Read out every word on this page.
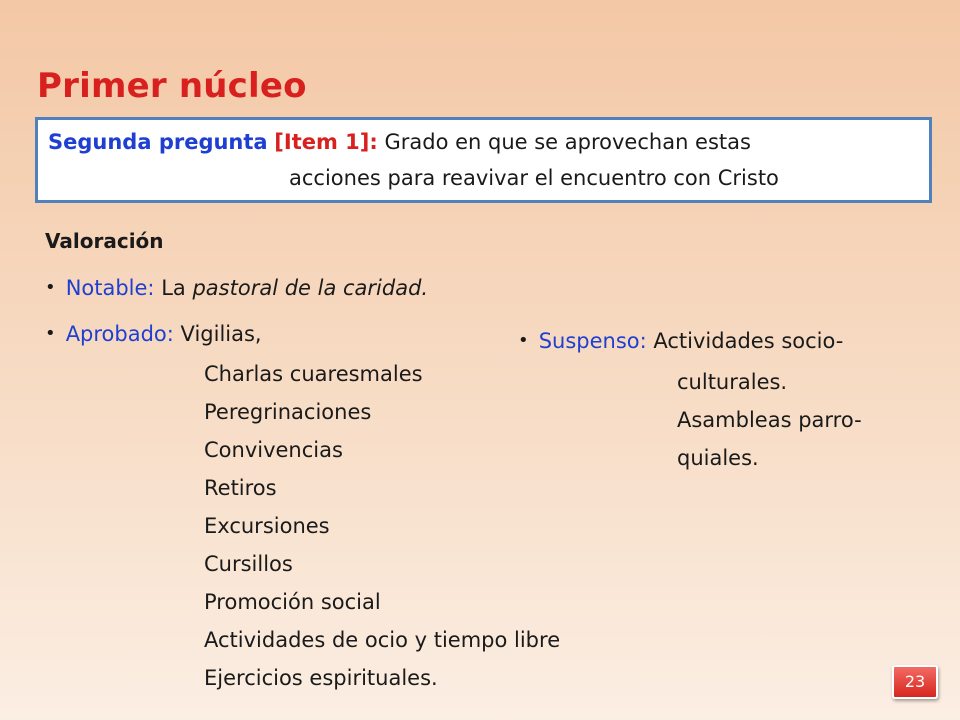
Primer núcleo
Segunda pregunta [Item 1]: Grado en que se aprovechan estas
acciones para reavivar el encuentro con Cristo
Valoración
• Notable: La pastoral de la caridad.
• Aprobado: Vigilias,
Charlas cuaresmales
Peregrinaciones
Convivencias
Retiros
Excursiones
Cursillos
Promoción social
Actividades de ocio y tiempo libre
Ejercicios espirituales.
• Suspenso: Actividades socio-
culturales.
Asambleas parro-
quiales.
23
